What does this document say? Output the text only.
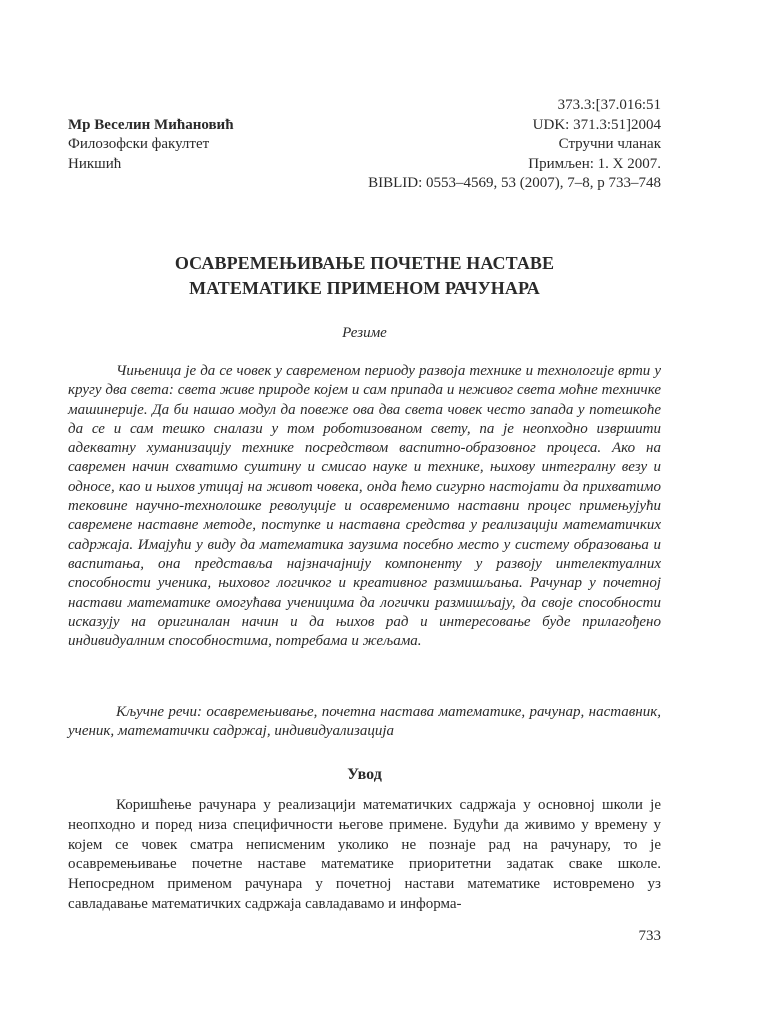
373.3:[37.016:51
Мр Веселин Мићановић	UDK: 371.3:51]2004
Филозофски факултет	Стручни чланак
Никшић	Примљен: 1. X 2007.
BIBLID: 0553–4569, 53 (2007), 7–8, p 733–748
ОСАВРЕМЕЊИВАЊЕ ПОЧЕТНЕ НАСТАВЕ
МАТЕМАТИКЕ ПРИМЕНОМ РАЧУНАРА
Резиме

Чињеница је да се човек у савременом периоду развоја технике и технологије врти у кругу два света: света живе природе којем и сам припада и неживог света моћне техничке машинерије. Да би нашао модул да повеже ова два света човек често запада у потешкоће да се и сам тешко сналази у том роботизованом свету, па је неопходно извршити адекватну хуманизацију технике посредством васпитно-образовног процеса. Ако на савремен начин схватимо суштину и смисао науке и технике, њихову интегралну везу и односе, као и њихов утицај на живот човека, онда ћемо сигурно настојати да прихватимо тековине научно-технолошке револуције и осавременимо наставни процес примењујући савремене наставне методе, поступке и наставна средства у реализацији математичких садржаја. Имајући у виду да математика заузима посебно место у систему образовања и васпитања, она представља најзначајнију компоненту у развоју интелектуалних способности ученика, њиховог логичког и креативног размишљања. Рачунар у почетној настави математике омогућава ученицима да логички размишљају, да своје способности исказују на оригиналан начин и да њихов рад и интересовање буде прилагођено индивидуалним способностима, потребама и жељама.

Кључне речи: осавремењивање, почетна настава математике, рачунар, наставник, ученик, математички садржај, индивидуализација

Увод

Коришћење рачунара у реализацији математичких садржаја у основној школи је неопходно и поред низа специфичности његове примене. Будући да живимо у времену у којем се човек сматра неписменим уколико не познаје рад на рачунару, то је осавремењивање почетне наставе математике приоритетни задатак сваке школе. Непосредном применом рачунара у почетној настави математике истовремено уз савладавање математичких садржаја савладавамо и информа-

733
